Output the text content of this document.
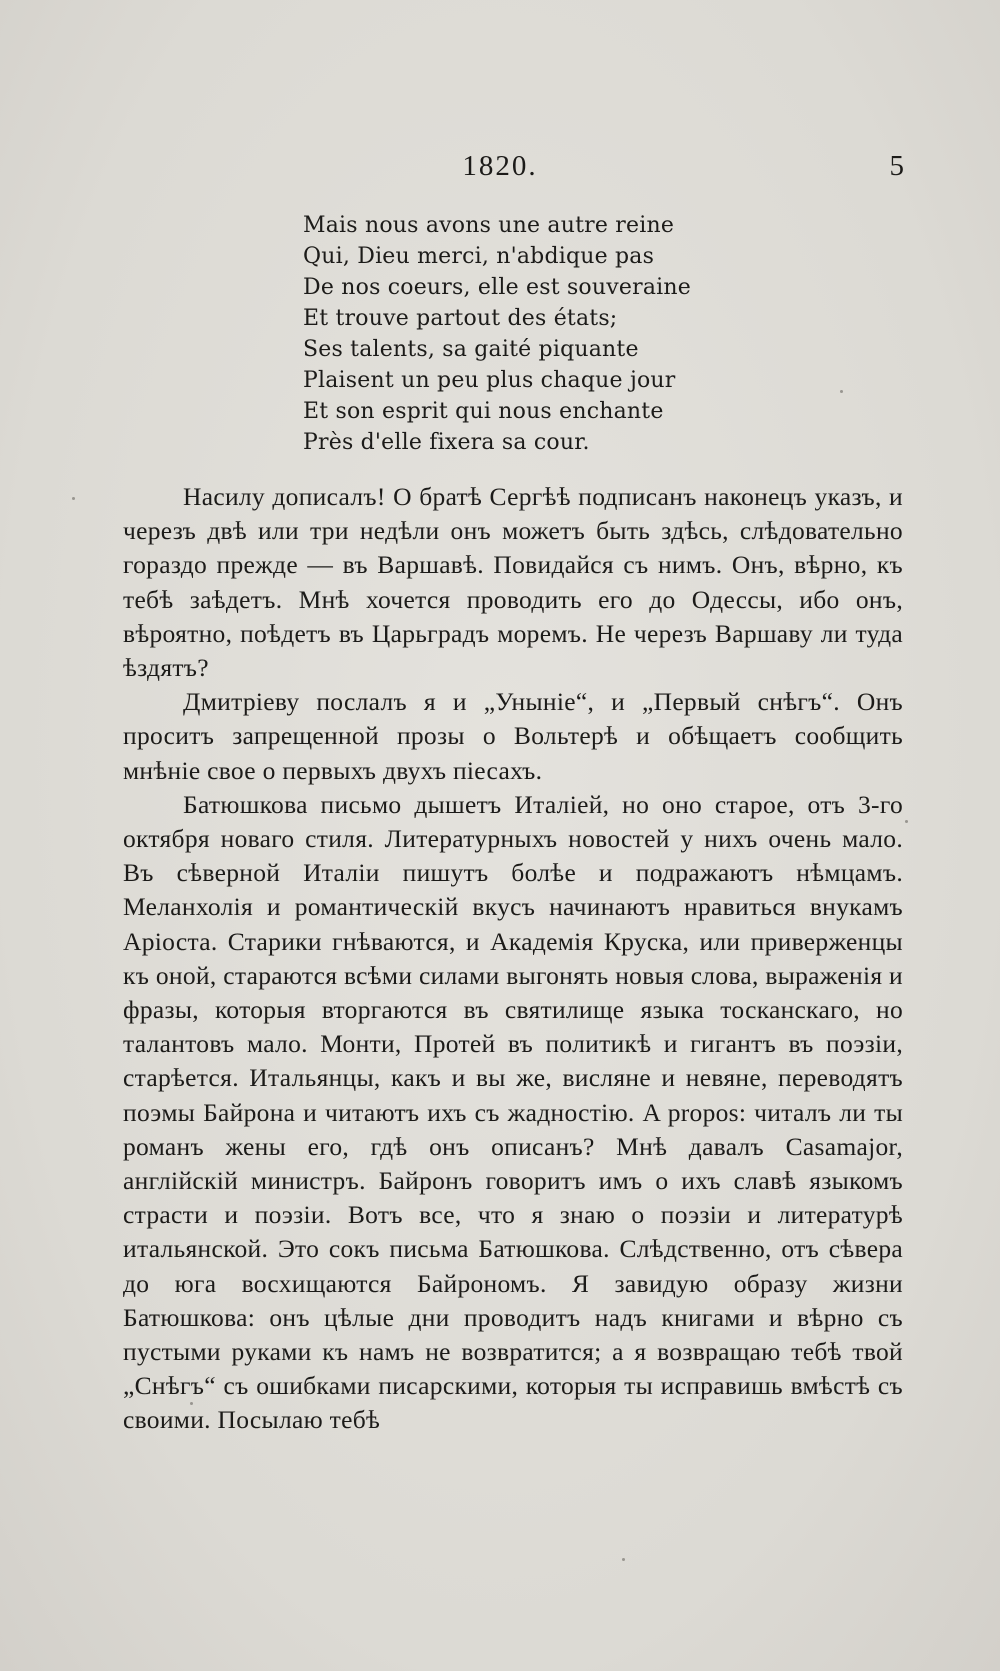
1820.	5
Mais nous avons une autre reine
Qui, Dieu merci, n'abdique pas
De nos coeurs, elle est souveraine
Et trouve partout des états;
Ses talents, sa gaité piquante
Plaisent un peu plus chaque jour
Et son esprit qui nous enchante
Près d'elle fixera sa cour.

Насилу дописалъ! О братѣ Сергѣѣ подписанъ наконецъ указъ, и черезъ двѣ или три недѣли онъ можетъ быть здѣсь, слѣдовательно гораздо прежде — въ Варшавѣ. Повидайся съ нимъ. Онъ, вѣрно, къ тебѣ заѣдетъ. Мнѣ хочется проводить его до Одессы, ибо онъ, вѣроятно, поѣдетъ въ Царьградъ моремъ. Не черезъ Варшаву ли туда ѣздятъ?

Дмитріеву послалъ я и „Уныніе“, и „Первый снѣгъ“. Онъ проситъ запрещенной прозы о Вольтерѣ и обѣщаетъ сообщить мнѣніе свое о первыхъ двухъ піесахъ.

Батюшкова письмо дышетъ Италіей, но оно старое, отъ 3-го октября новаго стиля. Литературныхъ новостей у нихъ очень мало. Въ сѣверной Италіи пишутъ болѣе и подражаютъ нѣмцамъ. Меланхолія и романтическій вкусъ начинаютъ нравиться внукамъ Аріоста. Старики гнѣваются, и Академія Круска, или приверженцы къ оной, стараются всѣми силами выгонять новыя слова, выраженія и фразы, которыя вторгаются въ святилище языка тосканскаго, но талантовъ мало. Монти, Протей въ политикѣ и гигантъ въ поэзіи, старѣется. Итальянцы, какъ и вы же, висляне и невяне, переводятъ поэмы Байрона и читаютъ ихъ съ жадностію. A propos: читалъ ли ты романъ жены его, гдѣ онъ описанъ? Мнѣ давалъ Casamajor, англійскій министръ. Байронъ говоритъ имъ о ихъ славѣ языкомъ страсти и поэзіи. Вотъ все, что я знаю о поэзіи и литературѣ итальянской. Это сокъ письма Батюшкова. Слѣдственно, отъ сѣвера до юга восхищаются Байрономъ. Я завидую образу жизни Батюшкова: онъ цѣлые дни проводитъ надъ книгами и вѣрно съ пустыми руками къ намъ не возвратится; а я возвращаю тебѣ твой „Снѣгъ“ съ ошибками писарскими, которыя ты исправишь вмѣстѣ съ своими. Посылаю тебѣ
